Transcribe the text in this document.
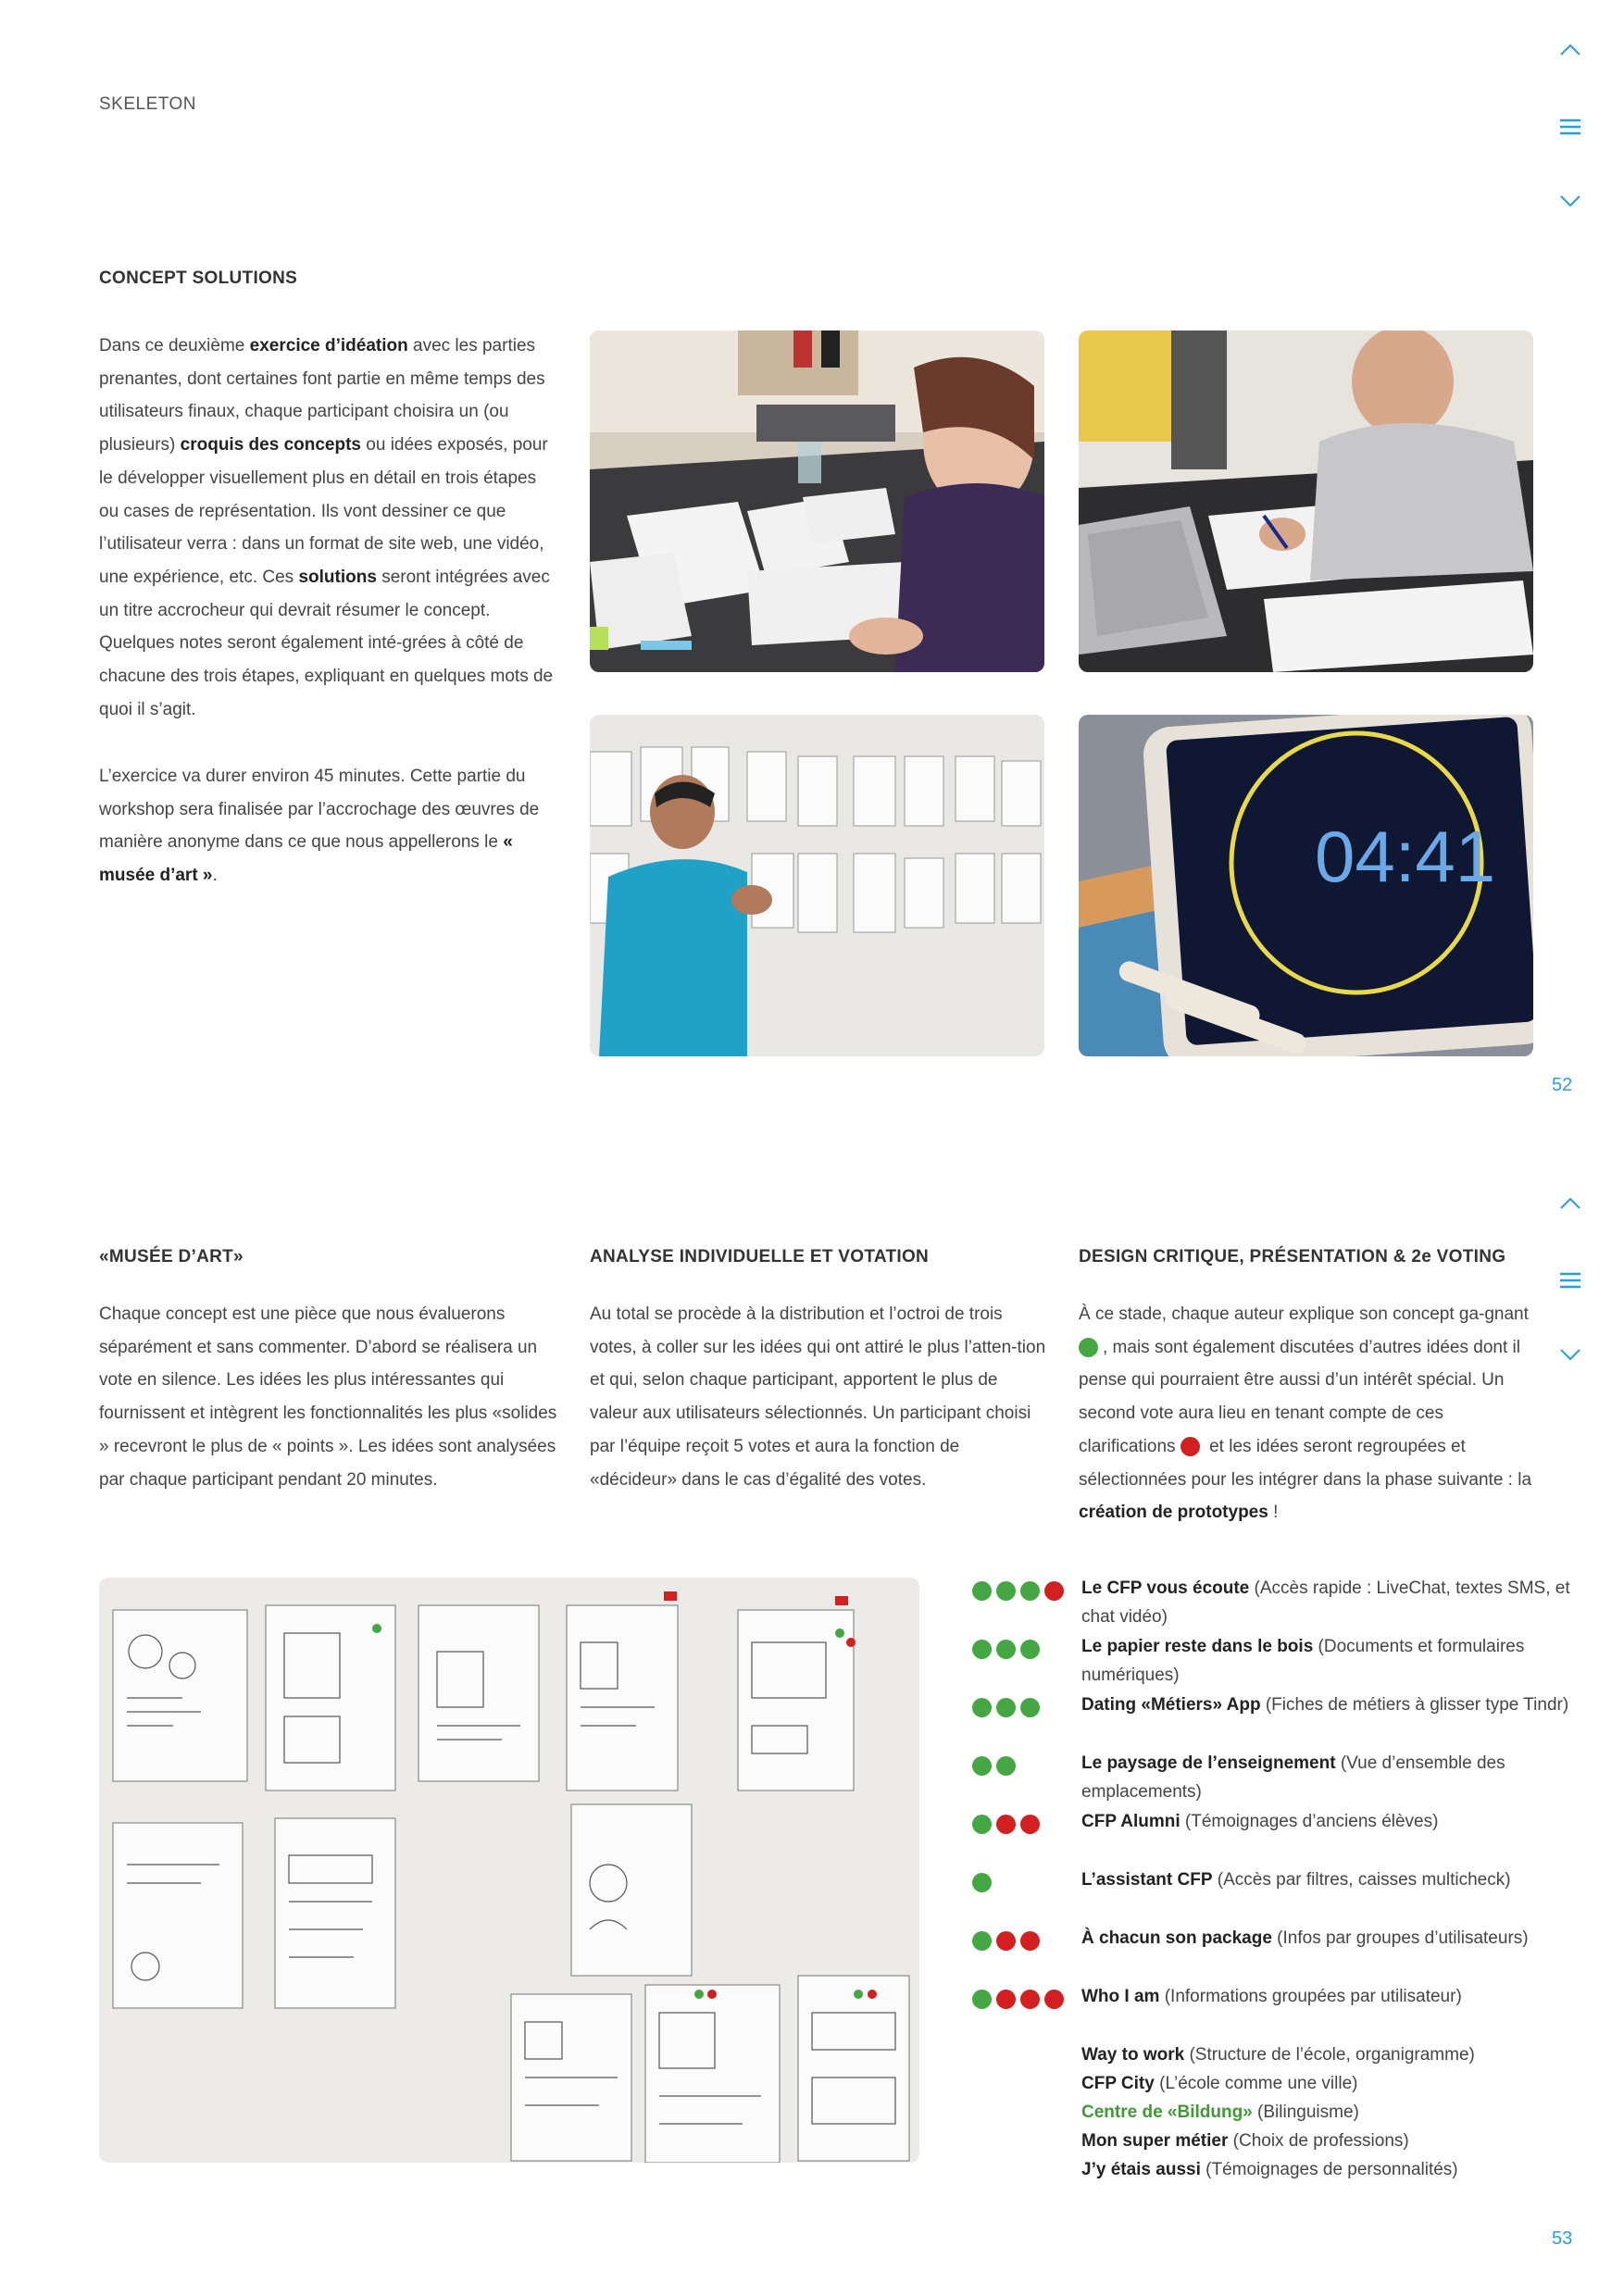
SKELETON
CONCEPT SOLUTIONS
Dans ce deuxième exercice d’idéation avec les parties prenantes, dont certaines font partie en même temps des utilisateurs finaux, chaque participant choisira un (ou plusieurs) croquis des concepts ou idées exposés, pour le développer visuellement plus en détail en trois étapes ou cases de représentation. Ils vont dessiner ce que l’utilisateur verra : dans un format de site web, une vidéo, une expérience, etc. Ces solutions seront intégrées avec un titre accrocheur qui devrait résumer le concept. Quelques notes seront également inté-grées à côté de chacune des trois étapes, expliquant en quelques mots de quoi il s’agit.
L’exercice va durer environ 45 minutes. Cette partie du workshop sera finalisée par l’accrochage des œuvres de manière anonyme dans ce que nous appellerons le « musée d’art ».	04:41
52
«MUSÉE D’ART»
Chaque concept est une pièce que nous évaluerons séparément et sans commenter. D’abord se réalisera un vote en silence. Les idées les plus intéressantes qui fournissent et intègrent les fonctionnalités les plus «solides » recevront le plus de « points ». Les idées sont analysées par chaque participant pendant 20 minutes.
ANALYSE INDIVIDUELLE ET VOTATION
Au total se procède à la distribution et l’octroi de trois votes, à coller sur les idées qui ont attiré le plus l’atten-tion et qui, selon chaque participant, apportent le plus de valeur aux utilisateurs sélectionnés. Un participant choisi par l’équipe reçoit 5 votes et aura la fonction de «décideur» dans le cas d’égalité des votes.
DESIGN CRITIQUE, PRÉSENTATION & 2e VOTING
À ce stade, chaque auteur explique son concept ga-gnant , mais sont également discutées d’autres idées dont il pense qui pourraient être aussi d’un intérêt spécial. Un second vote aura lieu en tenant compte de ces clarifications  et les idées seront regroupées et sélectionnées pour les intégrer dans la phase suivante : la création de prototypes !
Le CFP vous écoute (Accès rapide : LiveChat, textes SMS, et chat vidéo)
Le papier reste dans le bois (Documents et formulaires numériques)
Dating «Métiers» App (Fiches de métiers à glisser type Tindr)
Le paysage de l’enseignement (Vue d’ensemble des emplacements)
CFP Alumni (Témoignages d’anciens élèves)
L’assistant CFP (Accès par filtres, caisses multicheck)
À chacun son package (Infos par groupes d’utilisateurs)
Who I am (Informations groupées par utilisateur)
Way to work (Structure de l’école, organigramme)
CFP City (L’école comme une ville)
Centre de «Bildung» (Bilinguisme)
Mon super métier (Choix de professions)
J’y étais aussi (Témoignages de personnalités)
53
